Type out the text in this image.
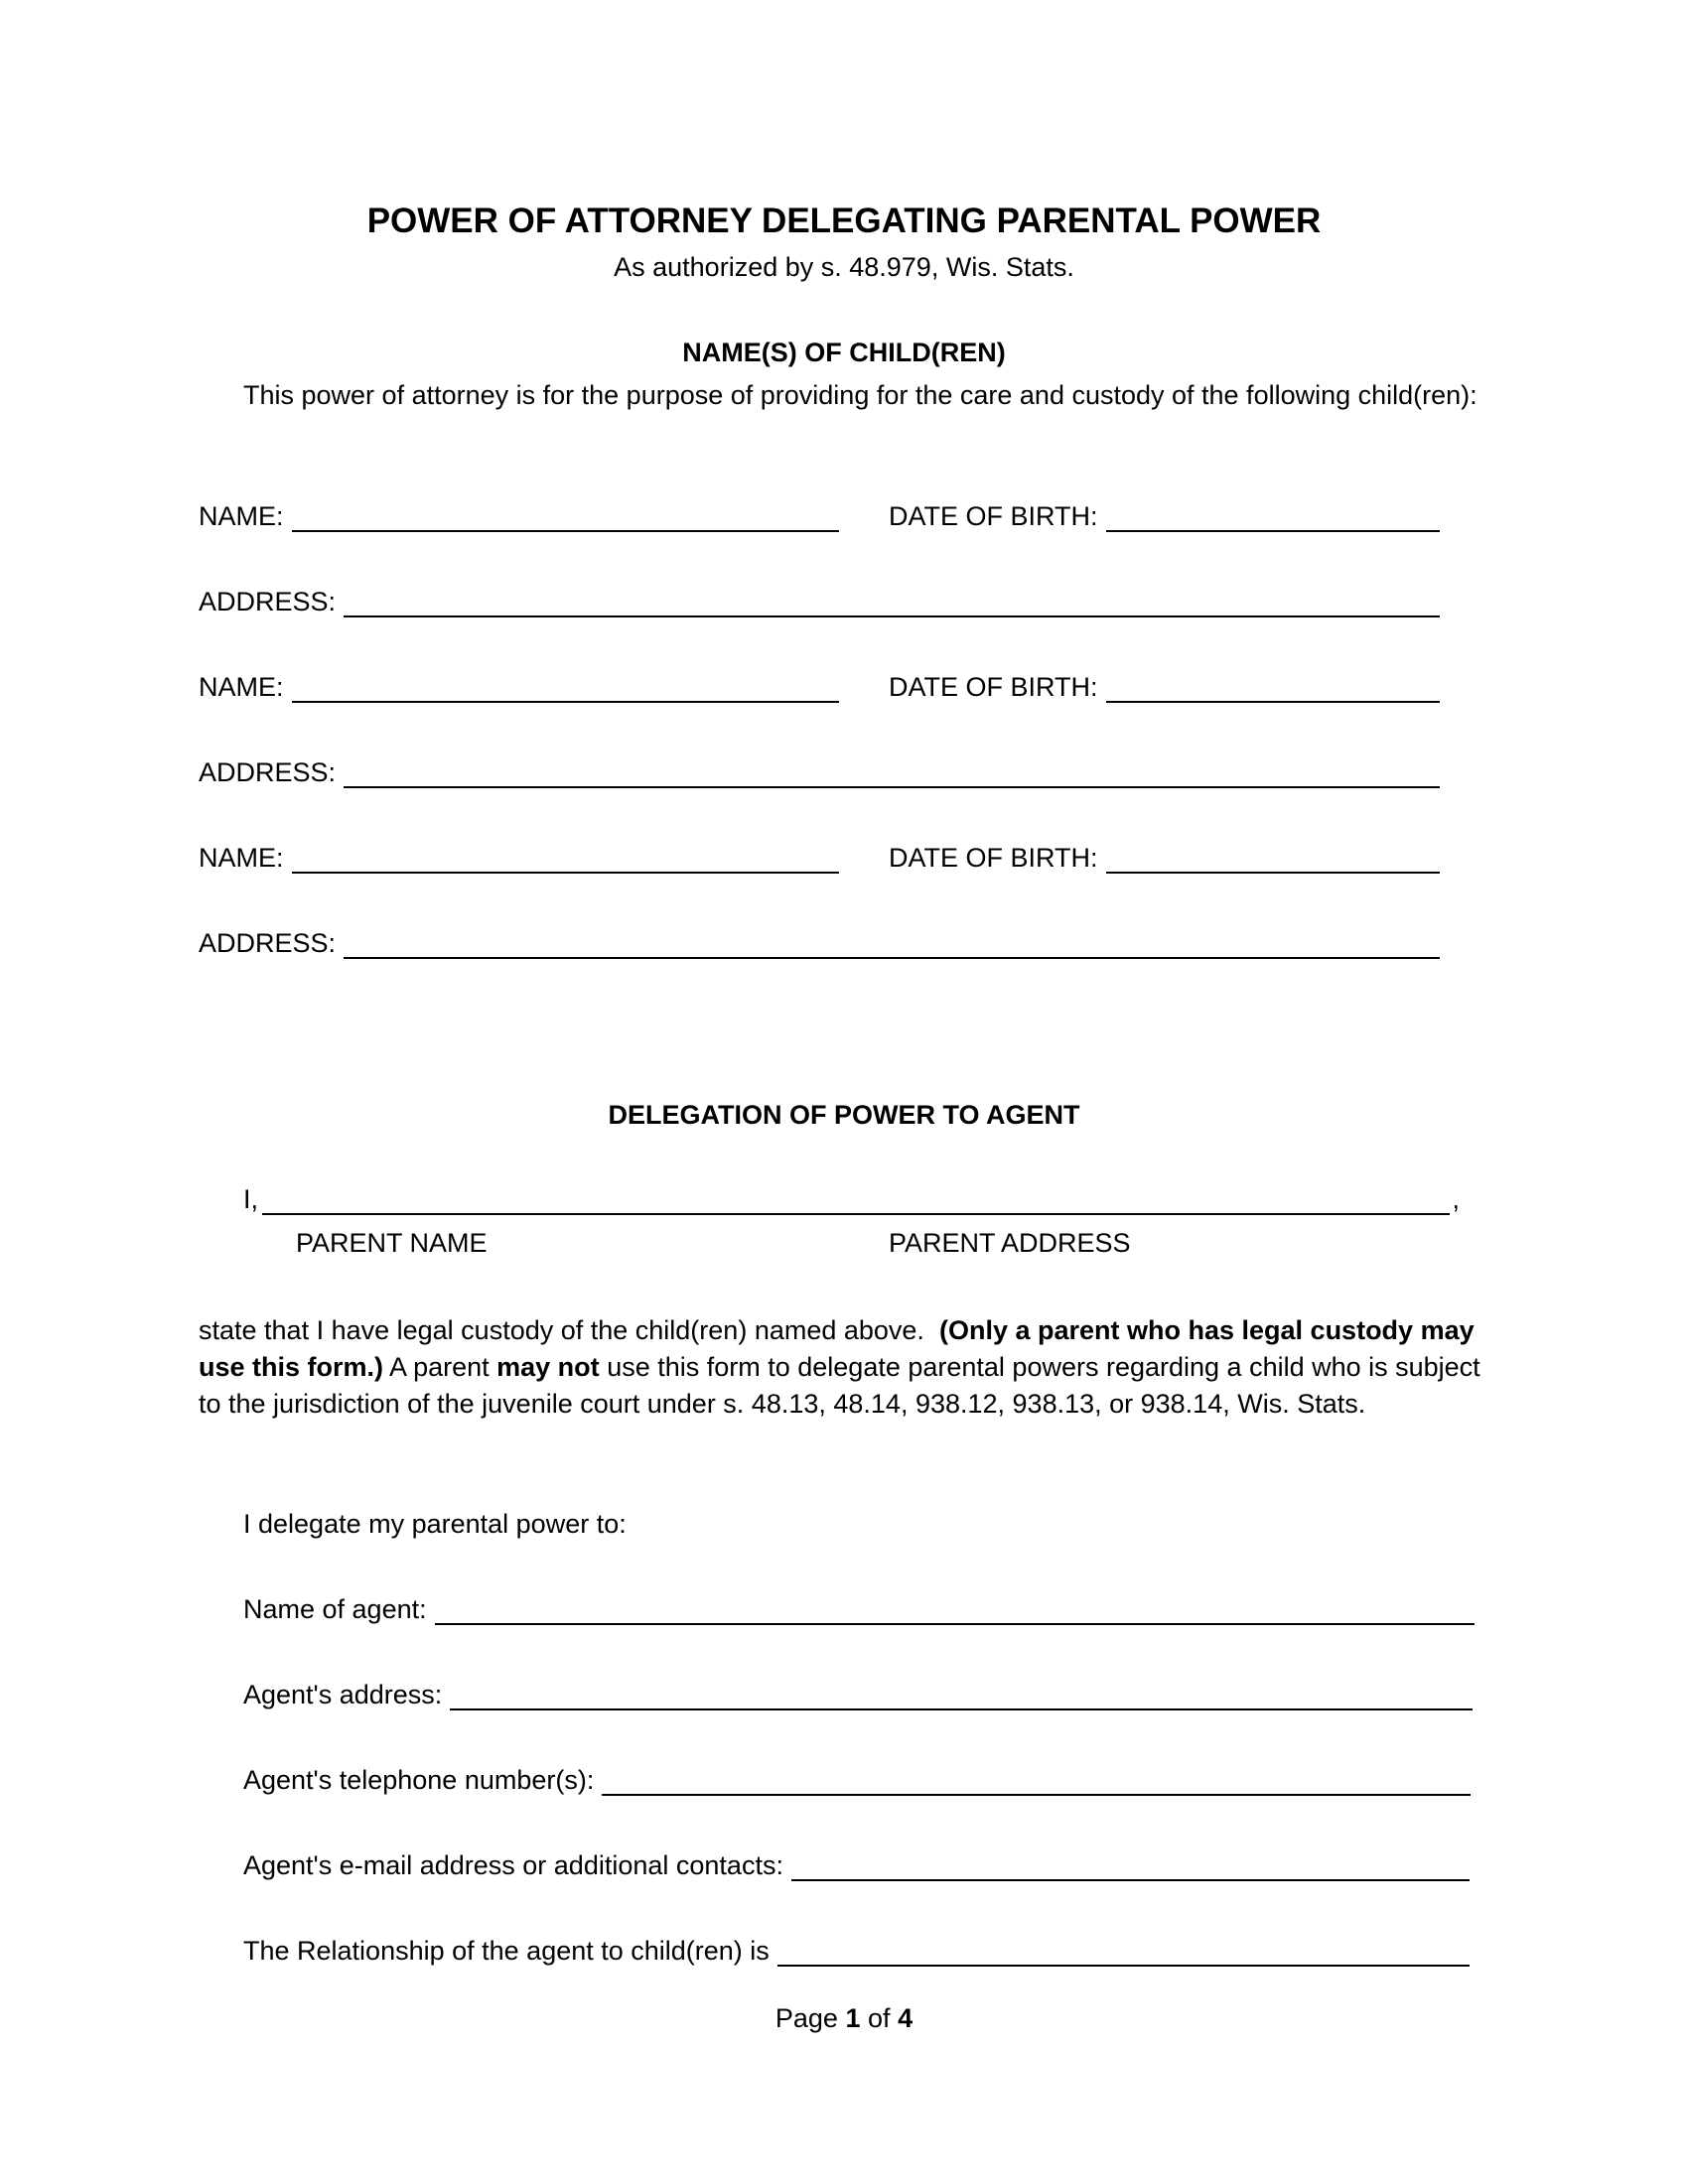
POWER OF ATTORNEY DELEGATING PARENTAL POWER
As authorized by s. 48.979, Wis. Stats.
NAME(S) OF CHILD(REN)
This power of attorney is for the purpose of providing for the care and custody of the following child(ren):
NAME:	DATE OF BIRTH:
ADDRESS:
NAME:	DATE OF BIRTH:
ADDRESS:
NAME:	DATE OF BIRTH:
ADDRESS:
DELEGATION OF POWER TO AGENT
I,	,
PARENT NAME	PARENT ADDRESS
state that I have legal custody of the child(ren) named above. (Only a parent who has legal custody may use this form.) A parent may not use this form to delegate parental powers regarding a child who is subject to the jurisdiction of the juvenile court under s. 48.13, 48.14, 938.12, 938.13, or 938.14, Wis. Stats.
I delegate my parental power to:
Name of agent:
Agent's address:
Agent's telephone number(s):
Agent's e-mail address or additional contacts:
The Relationship of the agent to child(ren) is
Page 1 of 4
